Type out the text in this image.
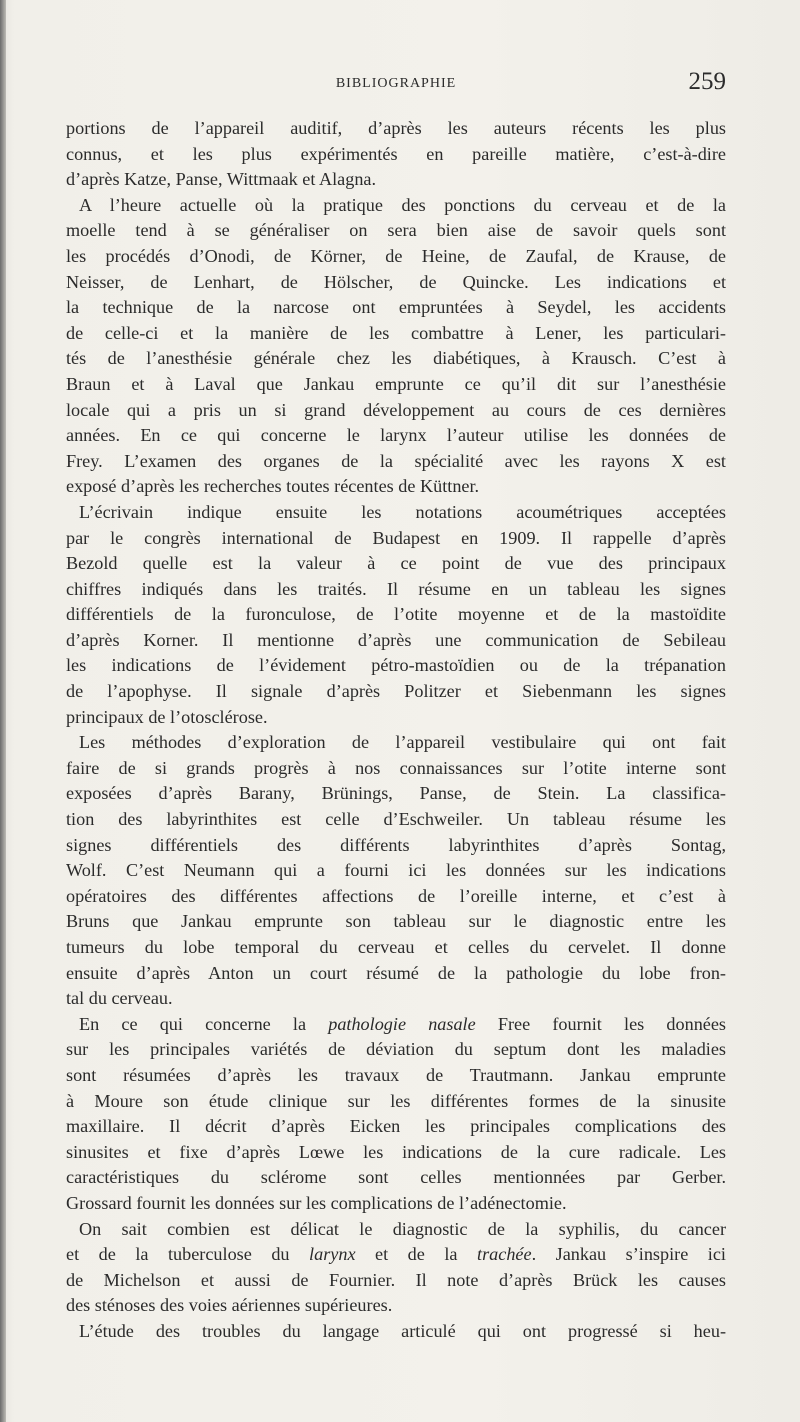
BIBLIOGRAPHIE	259
portions de l’appareil auditif, d’après les auteurs récents les plus
connus, et les plus expérimentés en pareille matière, c’est-à-dire
d’après Katze, Panse, Wittmaak et Alagna.
A l’heure actuelle où la pratique des ponctions du cerveau et de la
moelle tend à se généraliser on sera bien aise de savoir quels sont
les procédés d’Onodi, de Körner, de Heine, de Zaufal, de Krause, de
Neisser, de Lenhart, de Hölscher, de Quincke. Les indications et
la technique de la narcose ont empruntées à Seydel, les accidents
de celle-ci et la manière de les combattre à Lener, les particulari-
tés de l’anesthésie générale chez les diabétiques, à Krausch. C’est à
Braun et à Laval que Jankau emprunte ce qu’il dit sur l’anesthésie
locale qui a pris un si grand développement au cours de ces dernières
années. En ce qui concerne le larynx l’auteur utilise les données de
Frey. L’examen des organes de la spécialité avec les rayons X est
exposé d’après les recherches toutes récentes de Küttner.
L’écrivain indique ensuite les notations acoumétriques acceptées
par le congrès international de Budapest en 1909. Il rappelle d’après
Bezold quelle est la valeur à ce point de vue des principaux
chiffres indiqués dans les traités. Il résume en un tableau les signes
différentiels de la furonculose, de l’otite moyenne et de la mastoïdite
d’après Korner. Il mentionne d’après une communication de Sebileau
les indications de l’évidement pétro-mastoïdien ou de la trépanation
de l’apophyse. Il signale d’après Politzer et Siebenmann les signes
principaux de l’otosclérose.
Les méthodes d’exploration de l’appareil vestibulaire qui ont fait
faire de si grands progrès à nos connaissances sur l’otite interne sont
exposées d’après Barany, Brünings, Panse, de Stein. La classifica-
tion des labyrinthites est celle d’Eschweiler. Un tableau résume les
signes différentiels des différents labyrinthites d’après Sontag,
Wolf. C’est Neumann qui a fourni ici les données sur les indications
opératoires des différentes affections de l’oreille interne, et c’est à
Bruns que Jankau emprunte son tableau sur le diagnostic entre les
tumeurs du lobe temporal du cerveau et celles du cervelet. Il donne
ensuite d’après Anton un court résumé de la pathologie du lobe fron-
tal du cerveau.
En ce qui concerne la pathologie nasale Free fournit les données
sur les principales variétés de déviation du septum dont les maladies
sont résumées d’après les travaux de Trautmann. Jankau emprunte
à Moure son étude clinique sur les différentes formes de la sinusite
maxillaire. Il décrit d’après Eicken les principales complications des
sinusites et fixe d’après Lœwe les indications de la cure radicale. Les
caractéristiques du sclérome sont celles mentionnées par Gerber.
Grossard fournit les données sur les complications de l’adénectomie.
On sait combien est délicat le diagnostic de la syphilis, du cancer
et de la tuberculose du larynx et de la trachée. Jankau s’inspire ici
de Michelson et aussi de Fournier. Il note d’après Brück les causes
des sténoses des voies aériennes supérieures.
L’étude des troubles du langage articulé qui ont progressé si heu-
